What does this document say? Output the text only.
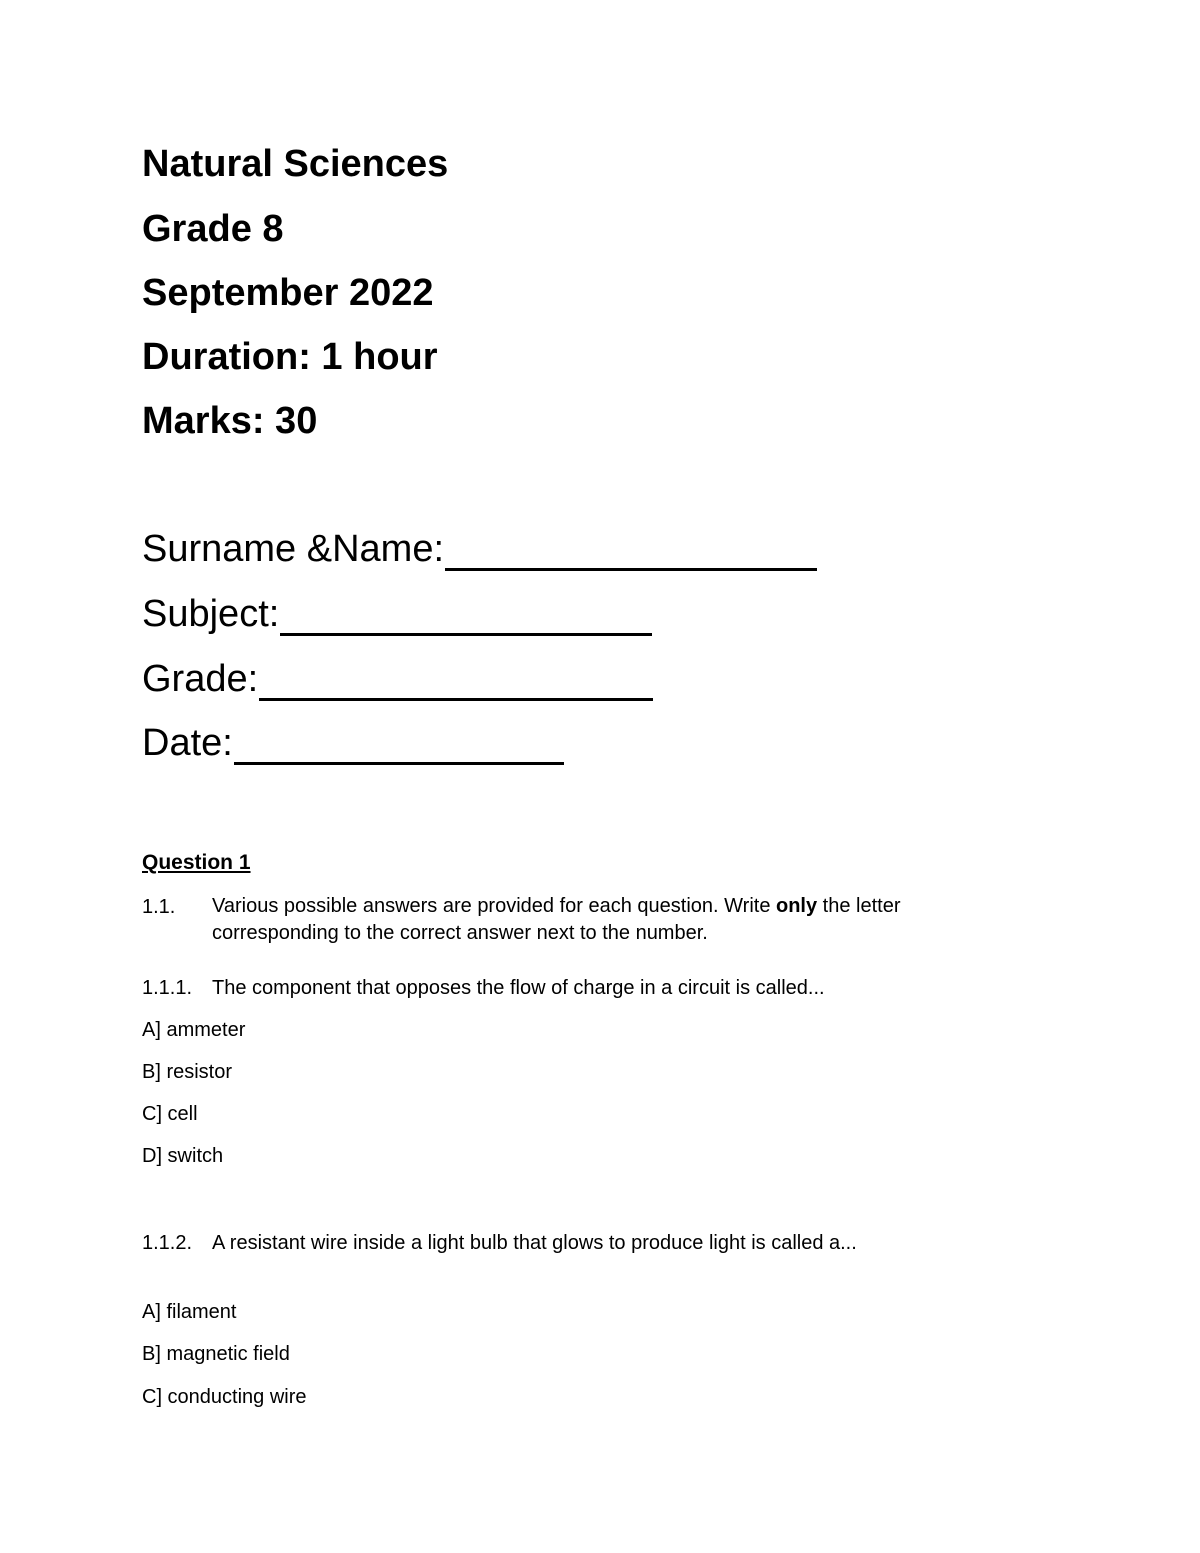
Natural Sciences
Grade 8
September 2022
Duration: 1 hour
Marks: 30
Surname &Name:
Subject:
Grade:
Date:
Question 1
1.1. Various possible answers are provided for each question. Write only the letter corresponding to the correct answer next to the number.
1.1.1. The component that opposes the flow of charge in a circuit is called...
A] ammeter
B] resistor
C] cell
D] switch
1.1.2. A resistant wire inside a light bulb that glows to produce light is called a...
A] filament
B] magnetic field
C] conducting wire
